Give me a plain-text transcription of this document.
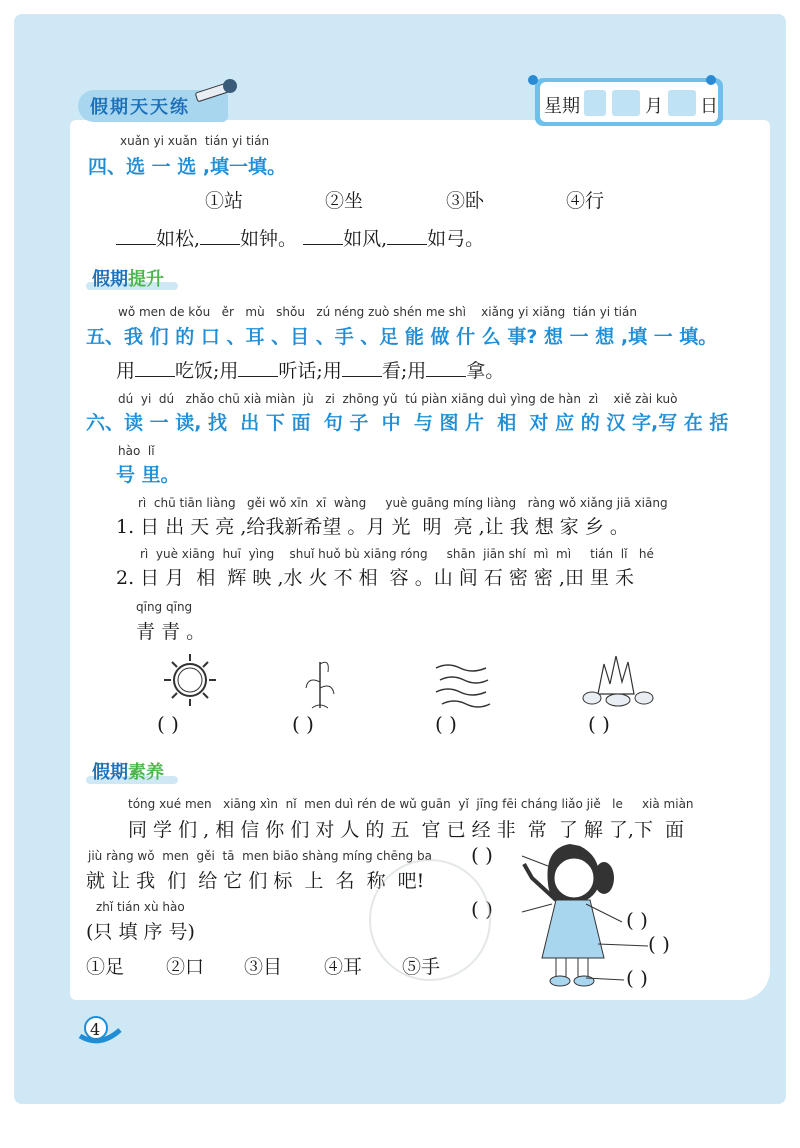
假期天天练	星期	月 日
xuǎn yi xuǎn  tián yi tián
四、选 一 选 ,填一填。
①站	②坐	③卧	④行
如松, 如钟。 如风, 如弓。
假期提升
wǒ men de kǒu   ěr   mù   shǒu   zú néng zuò shén me shì    xiǎng yi xiǎng  tián yi tián
五、我 们 的 口 、耳 、目 、手 、足 能 做 什 么 事? 想 一 想 ,填 一 填。
用 吃饭;用 听话;用 看;用 拿。
dú  yi  dú   zhǎo chū xià miàn  jù   zi  zhōng yǔ  tú piàn xiāng duì yìng de hàn  zì    xiě zài kuò
六、读 一 读, 找  出 下 面  句 子  中  与 图 片  相  对 应 的 汉 字,写 在 括
hào  lǐ
号 里。
rì  chū tiān liàng   gěi wǒ xīn  xī  wàng     yuè guāng míng liàng   ràng wǒ xiǎng jiā xiāng
1. 日 出 天 亮 ,给我新希望 。月 光  明  亮 ,让 我 想 家 乡 。
rì  yuè xiāng  huī  yìng    shuǐ huǒ bù xiāng róng     shān  jiān shí  mì  mì     tián  lǐ   hé
2. 日 月  相  辉 映 ,水 火 不 相  容 。山 间 石 密 密 ,田 里 禾
qīng qīng
青 青 。
( )	( )	( )	( )
假期素养
tóng xué men   xiāng xìn  nǐ  men duì rén de wǔ guān  yǐ  jīng fēi cháng liǎo jiě   le     xià miàn
同 学 们 , 相 信 你 们 对 人 的 五  官 已 经 非  常  了 解 了,下  面
jiù ràng wǒ  men  gěi  tā  men biāo shàng míng chēng ba
就 让 我  们  给 它 们 标  上  名  称  吧!
zhǐ tián xù hào
(只 填 序 号)
①足 ②口 ③目 ④耳 ⑤手
( )
( )	( )
( )
( )
4
